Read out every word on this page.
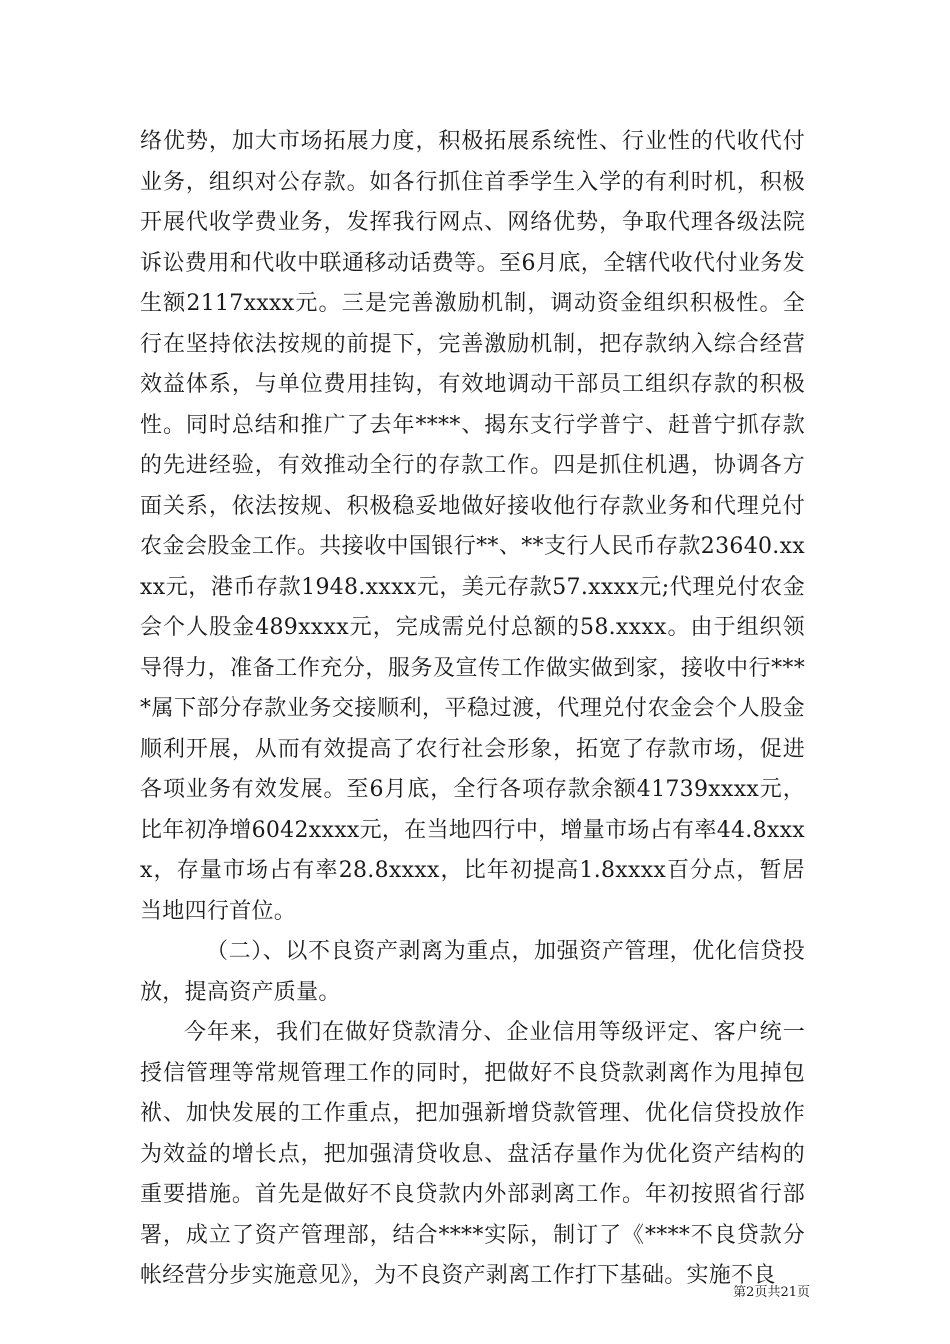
络优势，加大市场拓展力度，积极拓展系统性、行业性的代收代付业务，组织对公存款。如各行抓住首季学生入学的有利时机，积极开展代收学费业务，发挥我行网点、网络优势，争取代理各级法院诉讼费用和代收中联通移动话费等。至6月底，全辖代收代付业务发生额2117xxxx元。三是完善激励机制，调动资金组织积极性。全行在坚持依法按规的前提下，完善激励机制，把存款纳入综合经营效益体系，与单位费用挂钩，有效地调动干部员工组织存款的积极性。同时总结和推广了去年****、揭东支行学普宁、赶普宁抓存款的先进经验，有效推动全行的存款工作。四是抓住机遇，协调各方面关系，依法按规、积极稳妥地做好接收他行存款业务和代理兑付农金会股金工作。共接收中国银行**、**支行人民币存款23640.xxxx元，港币存款1948.xxxx元，美元存款57.xxxx元;代理兑付农金会个人股金489xxxx元，完成需兑付总额的58.xxxx。由于组织领导得力，准备工作充分，服务及宣传工作做实做到家，接收中行****属下部分存款业务交接顺利，平稳过渡，代理兑付农金会个人股金顺利开展，从而有效提高了农行社会形象，拓宽了存款市场，促进各项业务有效发展。至6月底，全行各项存款余额41739xxxx元，比年初净增6042xxxx元，在当地四行中，增量市场占有率44.8xxxx，存量市场占有率28.8xxxx，比年初提高1.8xxxx百分点，暂居当地四行首位。

（二）、以不良资产剥离为重点，加强资产管理，优化信贷投放，提高资产质量。

今年来，我们在做好贷款清分、企业信用等级评定、客户统一授信管理等常规管理工作的同时，把做好不良贷款剥离作为甩掉包袱、加快发展的工作重点，把加强新增贷款管理、优化信贷投放作为效益的增长点，把加强清贷收息、盘活存量作为优化资产结构的重要措施。首先是做好不良贷款内外部剥离工作。年初按照省行部署，成立了资产管理部，结合****实际，制订了《****不良贷款分帐经营分步实施意见》，为不良资产剥离工作打下基础。实施不良

第2页共21页
